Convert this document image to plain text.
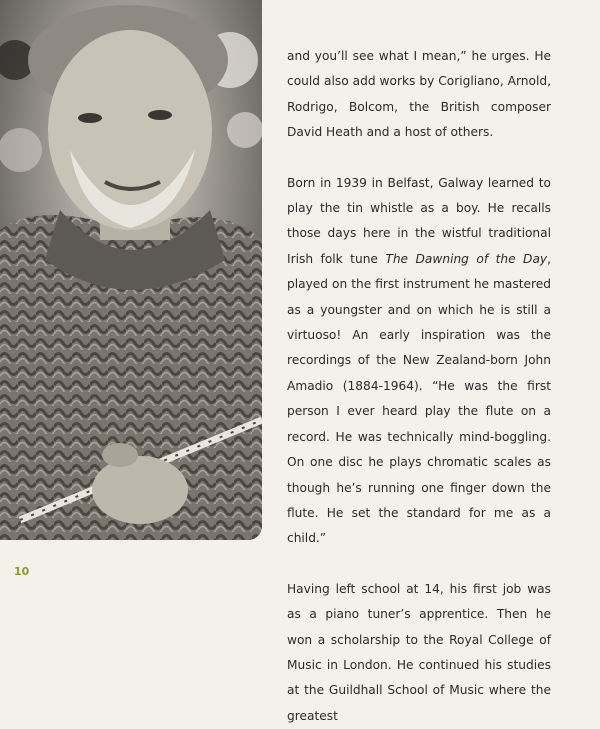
and you’ll see what I mean,” he urges. He could also add works by Corigliano, Arnold, Rodrigo, Bolcom, the British composer David Heath and a host of others.

Born in 1939 in Belfast, Galway learned to play the tin whistle as a boy. He recalls those days here in the wistful traditional Irish folk tune The Dawning of the Day, played on the first instrument he mastered as a youngster and on which he is still a virtuoso! An early inspiration was the recordings of the New Zealand-born John Amadio (1884-1964). “He was the first person I ever heard play the flute on a record. He was technically mind-boggling. On one disc he plays chromatic scales as though he’s running one finger down the flute. He set the standard for me as a child.”

Having left school at 14, his first job was as a piano tuner’s apprentice. Then he won a scholarship to the Royal College of Music in London. He continued his studies at the Guildhall School of Music where the greatest

10
